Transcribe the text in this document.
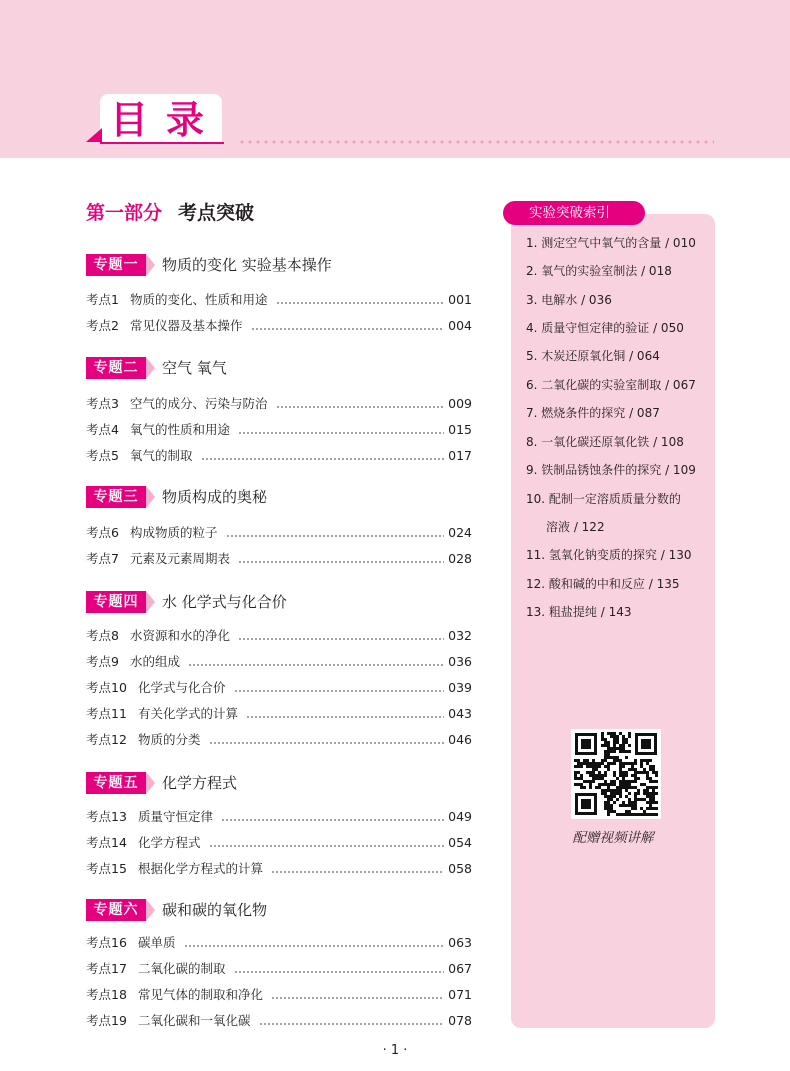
目录
第一部分 考点突破
专题一	物质的变化 实验基本操作
考点1 物质的变化、性质和用途	001
考点2 常见仪器及基本操作	004
专题二	空气 氧气
考点3 空气的成分、污染与防治	009
考点4 氧气的性质和用途	015
考点5 氧气的制取	017
专题三	物质构成的奥秘
考点6 构成物质的粒子	024
考点7 元素及元素周期表	028
专题四	水 化学式与化合价
考点8 水资源和水的净化	032
考点9 水的组成	036
考点10 化学式与化合价	039
考点11 有关化学式的计算	043
考点12 物质的分类	046
专题五	化学方程式
考点13 质量守恒定律	049
考点14 化学方程式	054
考点15 根据化学方程式的计算	058
专题六	碳和碳的氧化物
考点16 碳单质	063
考点17 二氧化碳的制取	067
考点18 常见气体的制取和净化	071
考点19 二氧化碳和一氧化碳	078
实验突破索引
1. 测定空气中氧气的含量 / 010
2. 氧气的实验室制法 / 018
3. 电解水 / 036
4. 质量守恒定律的验证 / 050
5. 木炭还原氧化铜 / 064
6. 二氧化碳的实验室制取 / 067
7. 燃烧条件的探究 / 087
8. 一氧化碳还原氧化铁 / 108
9. 铁制品锈蚀条件的探究 / 109
10. 配制一定溶质质量分数的
溶液 / 122
11. 氢氧化钠变质的探究 / 130
12. 酸和碱的中和反应 / 135
13. 粗盐提纯 / 143
配赠视频讲解
· 1 ·
